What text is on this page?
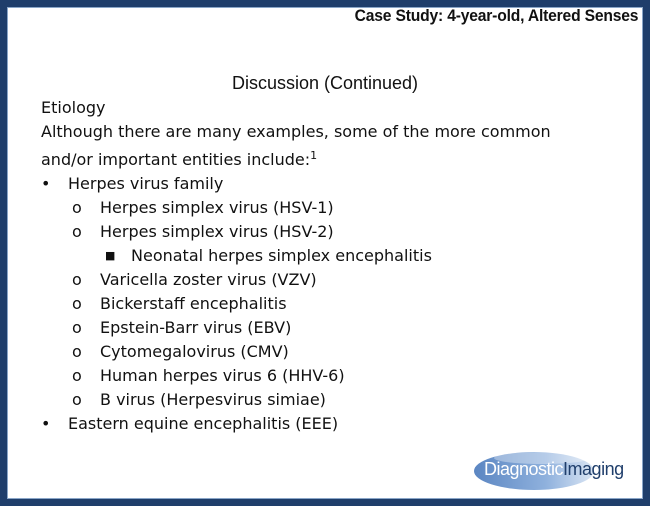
Case Study: 4-year-old, Altered Senses
Discussion (Continued)
Etiology
Although there are many examples, some of the more common
and/or important entities include:$^1$
•	Herpes virus family
o	Herpes simplex virus (HSV-1)
o	Herpes simplex virus (HSV-2)
■ Neonatal herpes simplex encephalitis
o	Varicella zoster virus (VZV)
o	Bickerstaff encephalitis
o	Epstein-Barr virus (EBV)
o	Cytomegalovirus (CMV)
o	Human herpes virus 6 (HHV-6)
o	B virus (Herpesvirus simiae)
•	Eastern equine encephalitis (EEE)
DiagnosticImaging
